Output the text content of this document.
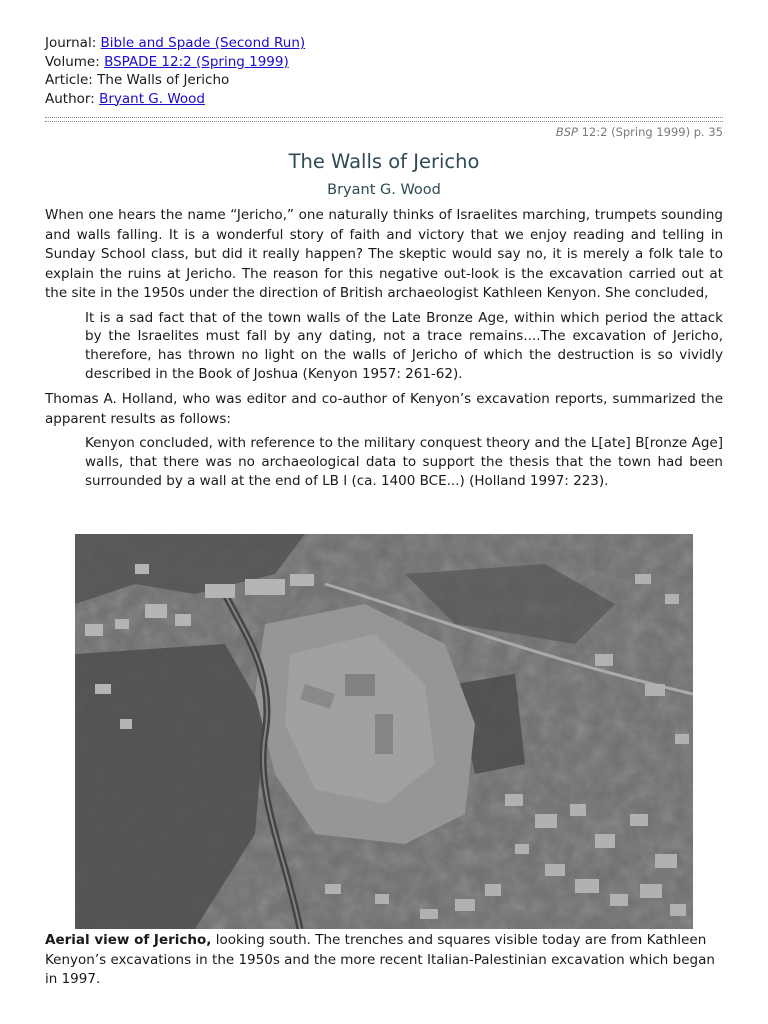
Journal: Bible and Spade (Second Run)
Volume: BSPADE 12:2 (Spring 1999)
Article: The Walls of Jericho
Author: Bryant G. Wood
BSP 12:2 (Spring 1999) p. 35
The Walls of Jericho
Bryant G. Wood
When one hears the name “Jericho,” one naturally thinks of Israelites marching, trumpets sounding and walls falling. It is a wonderful story of faith and victory that we enjoy reading and telling in Sunday School class, but did it really happen? The skeptic would say no, it is merely a folk tale to explain the ruins at Jericho. The reason for this negative out-look is the excavation carried out at the site in the 1950s under the direction of British archaeologist Kathleen Kenyon. She concluded,
It is a sad fact that of the town walls of the Late Bronze Age, within which period the attack by the Israelites must fall by any dating, not a trace remains....The excavation of Jericho, therefore, has thrown no light on the walls of Jericho of which the destruction is so vividly described in the Book of Joshua (Kenyon 1957: 261-62).
Thomas A. Holland, who was editor and co-author of Kenyon’s excavation reports, summarized the apparent results as follows:
Kenyon concluded, with reference to the military conquest theory and the L[ate] B[ronze Age] walls, that there was no archaeological data to support the thesis that the town had been surrounded by a wall at the end of LB I (ca. 1400 BCE...) (Holland 1997: 223).
Aerial view of Jericho, looking south. The trenches and squares visible today are from Kathleen Kenyon’s excavations in the 1950s and the more recent Italian-Palestinian excavation which began in 1997.
